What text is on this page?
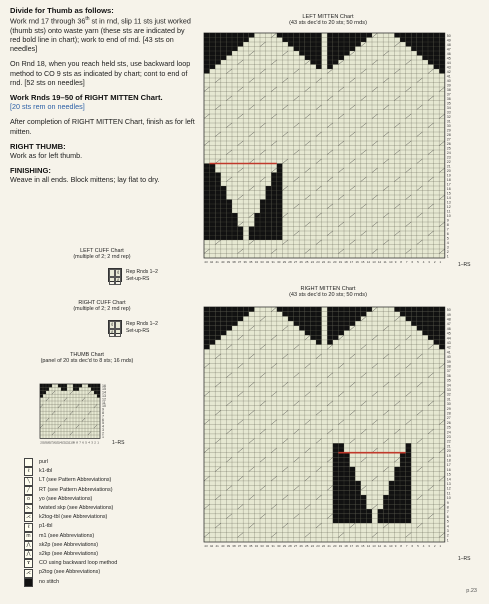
Divide for Thumb as follows:

Work rnd 17 through 36th st in rnd, slip 11 sts just worked (thumb sts) onto waste yarn (these sts are indicated by red bold line in chart); work to end of rnd. [43 sts on needles]

On Rnd 18, when you reach held sts, use backward loop method to CO 9 sts as indicated by chart; cont to end of rnd. [52 sts on needles]

Work Rnds 19–50 of RIGHT MITTEN Chart.

[20 sts rem on needles]

After completion of RIGHT MITTEN Chart, finish as for left mitten.

RIGHT THUMB:

Work as for left thumb.

FINISHING:

Weave in all ends. Block mittens; lay flat to dry.

LEFT CUFF Chart
(multiple of 2; 2 rnd rep)
ℓ
ℓ
Rep Rnds 1–2
Set-up-RS
RIGHT CUFF Chart
(multiple of 2; 2 rnd rep)
ℓ
ℓ
Rep Rnds 1–2
Set-up-RS
THUMB Chart
(panel of 20 sts dec'd to 8 sts; 16 rnds)
16
15
14
13
12
11
10
9
8
7
6
5
4
3
2
1
20 19 18 17 16 15 14 13 12 11 10 9 8 7 6 5 4 3 2 1	1–RS
purl
ℓ	k1-tbl
╲	LT (see Pattern Abbreviations)
╱	RT (see Pattern Abbreviations)
o	yo (see Abbreviations)
⋋	twisted skp (see Abbreviations)
⋌	k2tog-tbl (see Abbreviations)
ℓ	p1-tbl
m	m1 (see Abbreviations)
⋀	sk2p (see Abbreviations)
⋀	s2kp (see Abbreviations)
ɤ	CO using backward loop method
⋌	p2tog (see Abbreviations)
no stitch
LEFT MITTEN Chart
(43 sts dec'd to 20 sts; 50 rnds)
50
49
48
47
46
45
44
43
42
41
40
39
38
37
36
35
34
33
32
31
30
29
28
27
26
25
24
23
22
21
20
19
18
17
16
15
14
13
12
11
10
9
8
7
6
5
4
3
2
1
43 42 41 40 39 38 37 36 35 34 33 32 31 30 29 28 27 26 25 24 23 22 21 20 19 18 17 16 15 14 13 12 11 10 9 8 7 6 5 4 3 2 1
1–RS
RIGHT MITTEN Chart
(43 sts dec'd to 20 sts; 50 rnds)
50
49
48
47
46
45
44
43
42
41
40
39
38
37
36
35
34
33
32
31
30
29
28
27
26
25
24
23
22
21
20
19
18
17
16
15
14
13
12
11
10
9
8
7
6
5
4
3
2
1
43 42 41 40 39 38 37 36 35 34 33 32 31 30 29 28 27 26 25 24 23 22 21 20 19 18 17 16 15 14 13 12 11 10 9 8 7 6 5 4 3 2 1
1–RS
p.23
